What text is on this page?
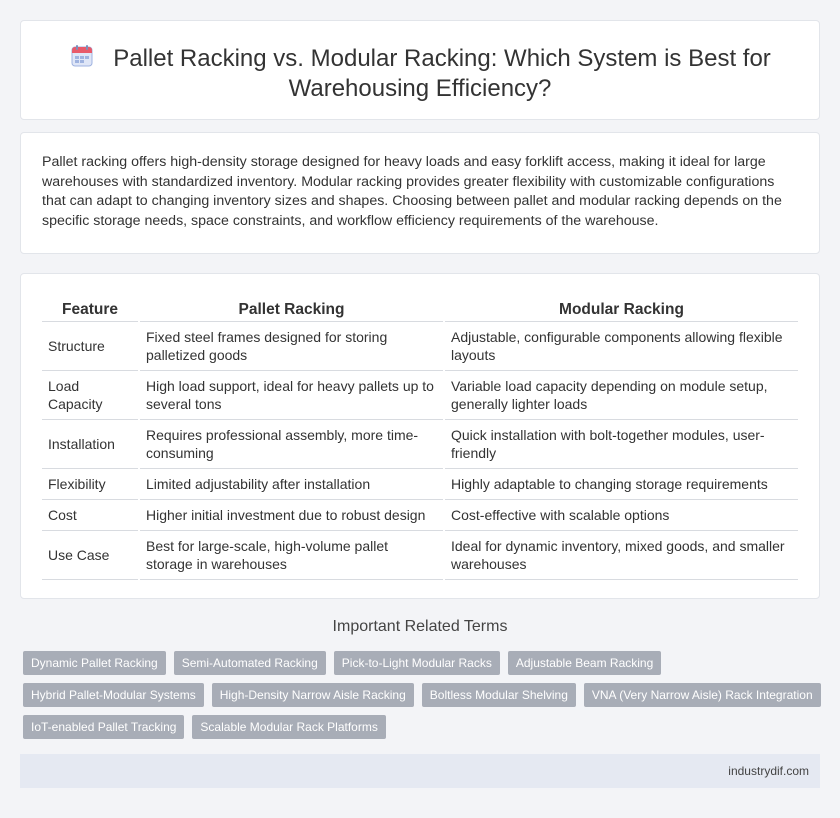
Pallet Racking vs. Modular Racking: Which System is Best for Warehousing Efficiency?

Pallet racking offers high-density storage designed for heavy loads and easy forklift access, making it ideal for large warehouses with standardized inventory. Modular racking provides greater flexibility with customizable configurations that can adapt to changing inventory sizes and shapes. Choosing between pallet and modular racking depends on the specific storage needs, space constraints, and workflow efficiency requirements of the warehouse.

Feature	Pallet Racking	Modular Racking
Structure	Fixed steel frames designed for storing palletized goods	Adjustable, configurable components allowing flexible layouts
Load Capacity	High load support, ideal for heavy pallets up to several tons	Variable load capacity depending on module setup, generally lighter loads
Installation	Requires professional assembly, more time-consuming	Quick installation with bolt-together modules, user-friendly
Flexibility	Limited adjustability after installation	Highly adaptable to changing storage requirements
Cost	Higher initial investment due to robust design	Cost-effective with scalable options
Use Case	Best for large-scale, high-volume pallet storage in warehouses	Ideal for dynamic inventory, mixed goods, and smaller warehouses
Important Related Terms
Dynamic Pallet Racking	Semi-Automated Racking	Pick-to-Light Modular Racks	Adjustable Beam Racking
Hybrid Pallet-Modular Systems	High-Density Narrow Aisle Racking	Boltless Modular Shelving	VNA (Very Narrow Aisle) Rack Integration
IoT-enabled Pallet Tracking	Scalable Modular Rack Platforms
industrydif.com
